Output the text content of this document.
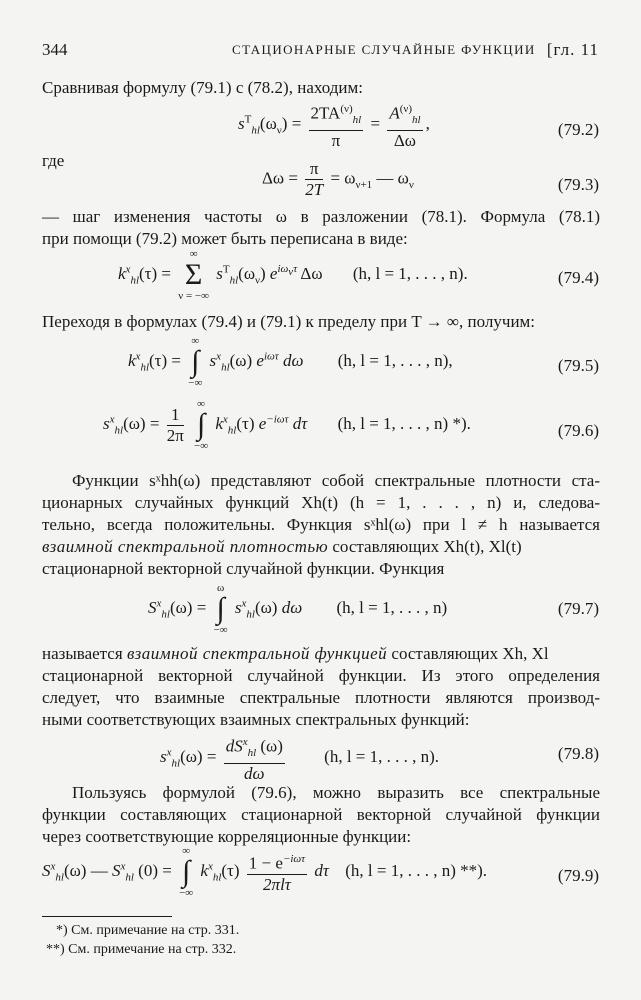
344	СТАЦИОНАРНЫЕ СЛУЧАЙНЫЕ ФУНКЦИИ [гл. 11
Сравнивая формулу (79.1) с (78.2), находим:
$s^T_{hl}(\omega_\nu) = \frac{2TA^{(\nu)}_{hl}}{\pi} = \frac{A^{(\nu)}_{hl}}{\Delta\omega}$ ,	(79.2)
где
$\Delta\omega = \frac{\pi}{2T} = \omega_{\nu+1}$ — $\omega_\nu$	(79.3)
— шаг изменения частоты ω в разложении (78.1). Формула (78.1)
при помощи (79.2) может быть переписана в виде:
$k^x_{hl}(\tau)$ =
∞
Σ
ν = −∞
$s^T_{hl}(\omega_\nu)$ $e^{i\omega_\nu\tau}$ Δω (h, l = 1, . . . , n).	(79.4)
Переходя в формулах (79.4) и (79.1) к пределу при T → ∞, получим:
$k^x_{hl}(\tau)$ =
∞
∫
−∞
$s^x_{hl}(\omega)$ $e^{i\omega\tau}$ dω (h, l = 1, . . . , n),	(79.5)
$s^x_{hl}(\omega) = \frac{1}{2\pi}$

∞
∫
−∞
$k^x_{hl}(\tau)$ $e^{-i\omega\tau}$ dτ (h, l = 1, . . . , n) *).	(79.6)
Функции sˣhh(ω) представляют собой спектральные плотности ста-
ционарных случайных функций Xh(t) (h = 1, . . . , n) и, следова-
тельно, всегда положительны. Функция sˣhl(ω) при l ≠ h называется
взаимной спектральной плотностью составляющих Xh(t), Xl(t)
стационарной векторной случайной функции. Функция
$S^x_{hl}(\omega)$ =
ω
∫
−∞
$s^x_{hl}(\omega)$ dω (h, l = 1, . . . , n)	(79.7)
называется взаимной спектральной функцией составляющих Xh, Xl
стационарной векторной случайной функции. Из этого определения
следует, что взаимные спектральные плотности являются производ-
ными соответствующих взаимных спектральных функций:
$s^x_{hl}(\omega) = \frac{dS^x_{hl} (\omega)}{d\omega} (h$, l = 1, . . . , n).	(79.8)
Пользуясь формулой (79.6), можно выразить все спектральные
функции составляющих стационарной векторной случайной функции
через соответствующие корреляционные функции:
$S^x_{hl}(\omega)$ — $S^x_{hl}$ (0) =
∞
∫
−∞
$k^x_{hl}(\tau) \frac{1 - e^{-i\omega\tau}}{\text{2πlτ}}$ dτ (h, l = 1, . . . , n) **).	(79.9)
*) См. примечание на стр. 331.
**) См. примечание на стр. 332.
